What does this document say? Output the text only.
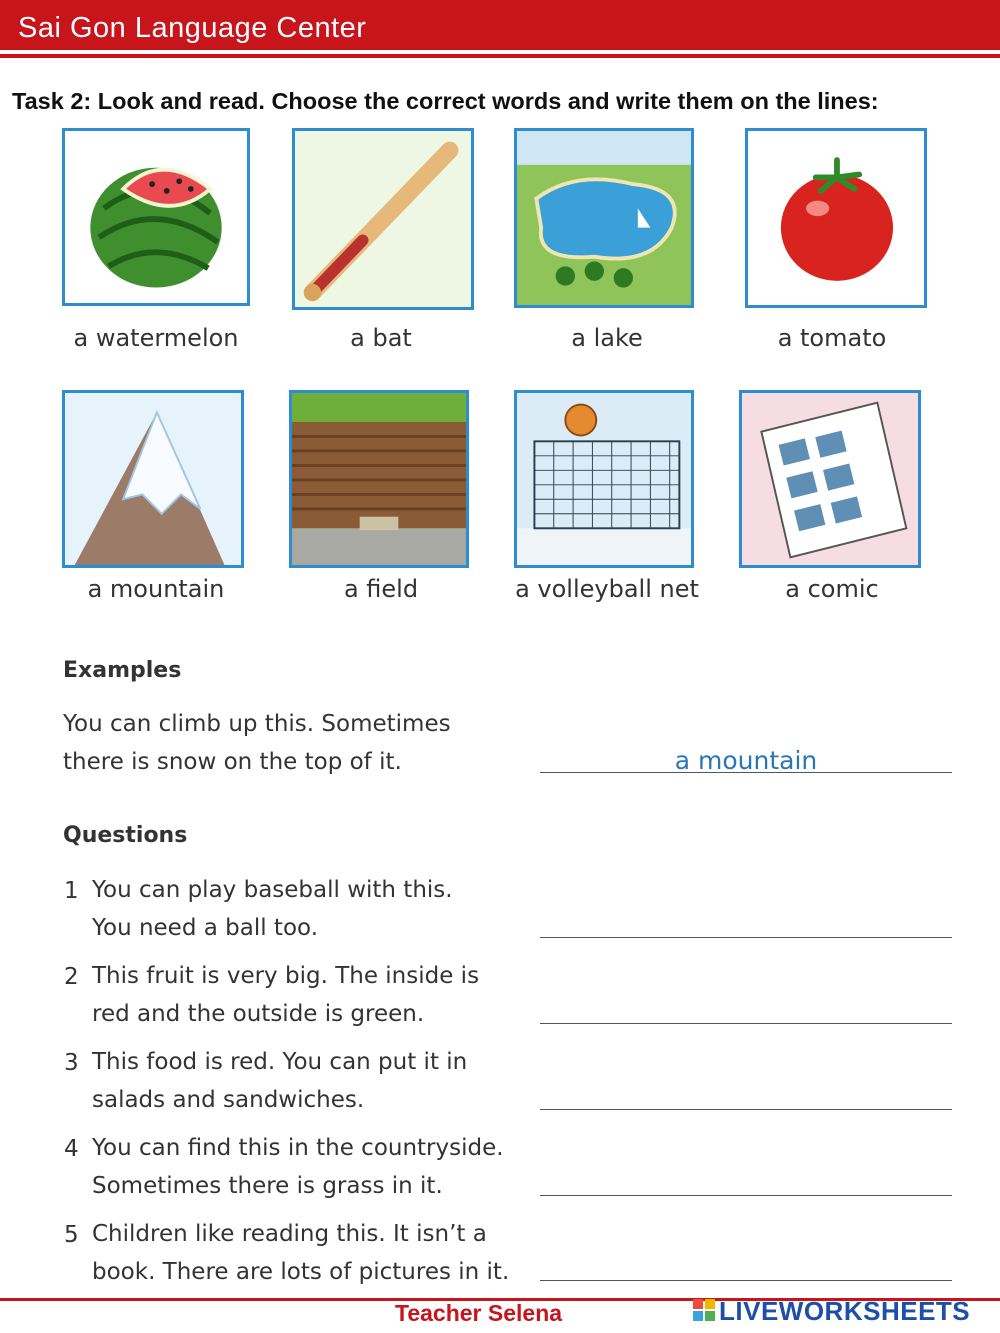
Sai Gon Language Center
Task 2: Look and read. Choose the correct words and write them on the lines:
a watermelon	a bat	a lake	a tomato
a mountain	a field	a volleyball net	a comic
Examples
You can climb up this. Sometimes
there is snow on the top of it.	a mountain
Questions
1 You can play baseball with this.
You need a ball too.
2 This fruit is very big. The inside is
red and the outside is green.
3 This food is red. You can put it in
salads and sandwiches.
4 You can find this in the countryside.
Sometimes there is grass in it.
5 Children like reading this. It isn’t a
book. There are lots of pictures in it.
Teacher Selena	LIVEWORKSHEETS
